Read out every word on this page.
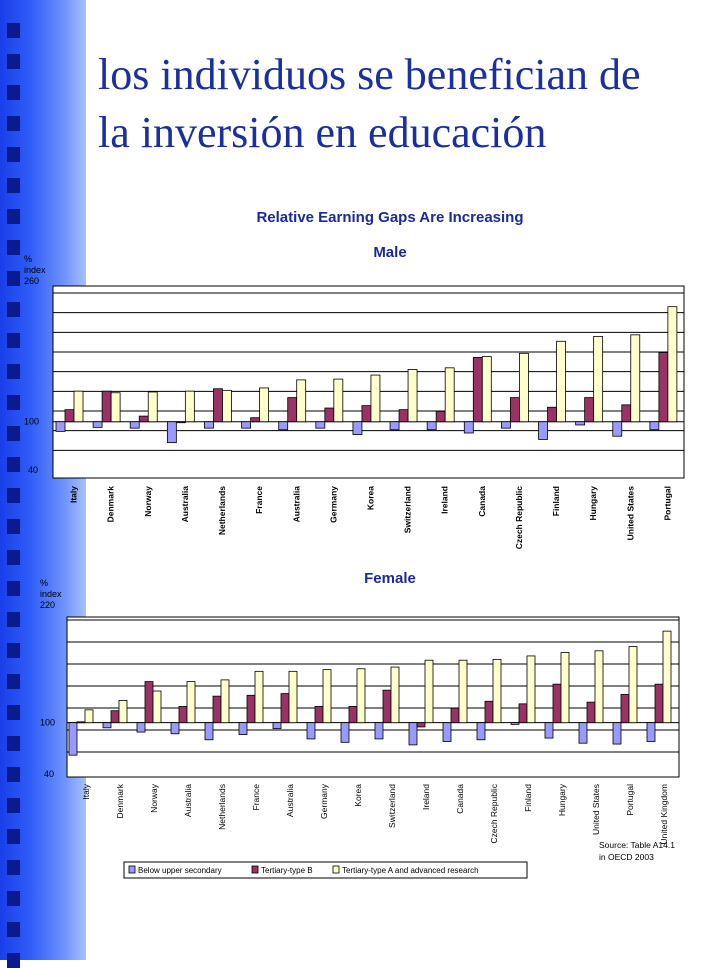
los individuos se benefician de
la inversión en educación
Relative Earning Gaps Are Increasing
Male
Female
Italy	Denmark	Norway	Australia	Netherlands	France	Australia	Germany	Korea	Switzerland	Ireland	Canada	Czech Republic	Finland	Hungary	United States	Portugal
%
index
260
100
40
Italy	Denmark	Norway	Australia	Netherlands	France	Australia	Germany	Korea	Switzerland	Ireland	Canada	Czech Republic	Finland	Hungary	United States	Portugal	United Kingdom
%
index
220
100
40
Below upper secondary	Tertiary-type B	Tertiary-type A and advanced research
Source: Table A14.1
in OECD 2003
